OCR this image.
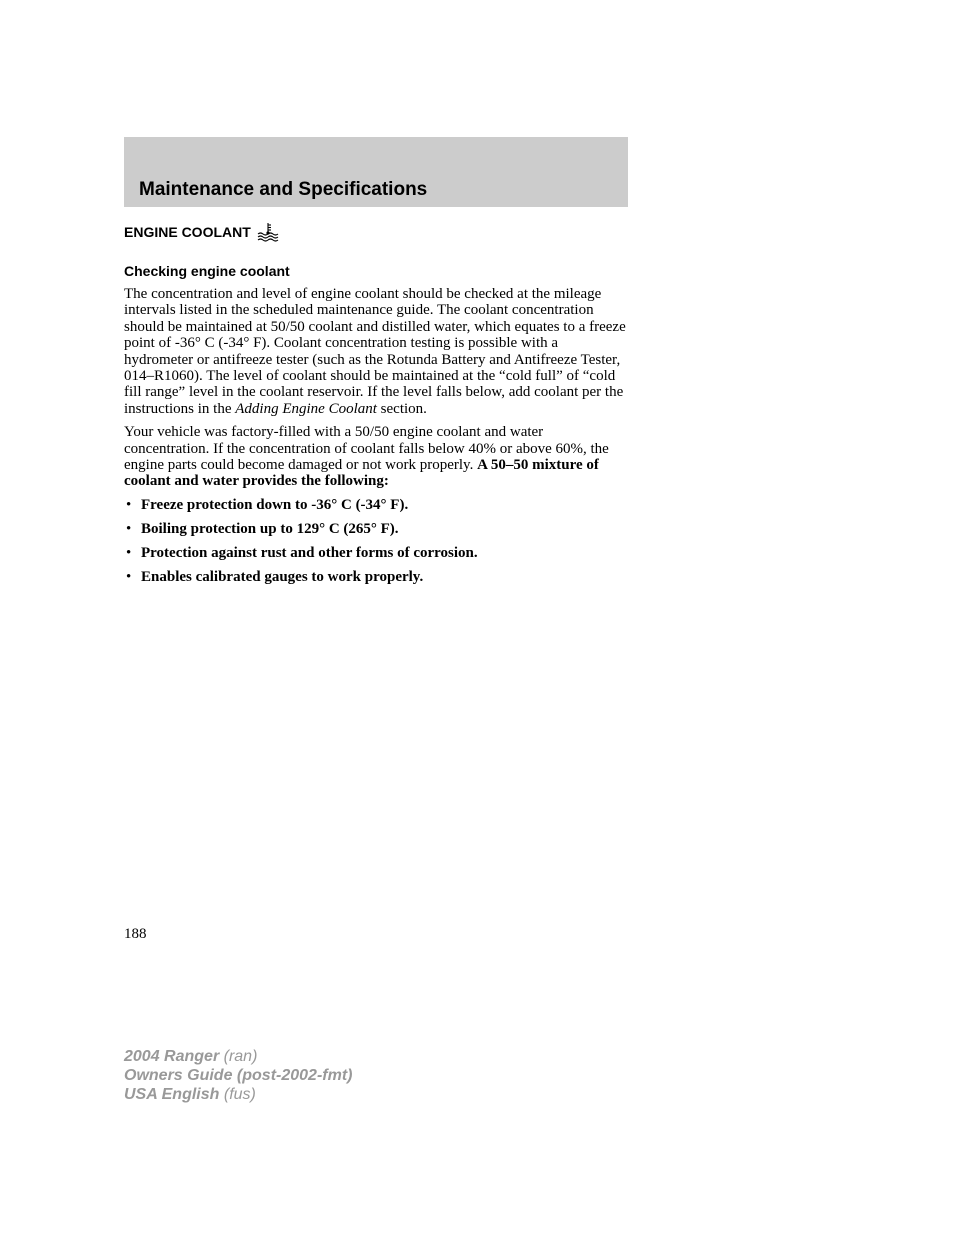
Maintenance and Specifications
ENGINE COOLANT
Checking engine coolant

The concentration and level of engine coolant should be checked at the mileage intervals listed in the scheduled maintenance guide. The coolant concentration should be maintained at 50/50 coolant and distilled water, which equates to a freeze point of -36° C (-34° F). Coolant concentration testing is possible with a hydrometer or antifreeze tester (such as the Rotunda Battery and Antifreeze Tester, 014–R1060). The level of coolant should be maintained at the “cold full” of “cold fill range” level in the coolant reservoir. If the level falls below, add coolant per the instructions in the Adding Engine Coolant section.

Your vehicle was factory-filled with a 50/50 engine coolant and water concentration. If the concentration of coolant falls below 40% or above 60%, the engine parts could become damaged or not work properly. A 50–50 mixture of coolant and water provides the following:

• Freeze protection down to -36° C (-34° F).
• Boiling protection up to 129° C (265° F).
• Protection against rust and other forms of corrosion.
• Enables calibrated gauges to work properly.
188
2004 Ranger (ran)
Owners Guide (post-2002-fmt)
USA English (fus)
